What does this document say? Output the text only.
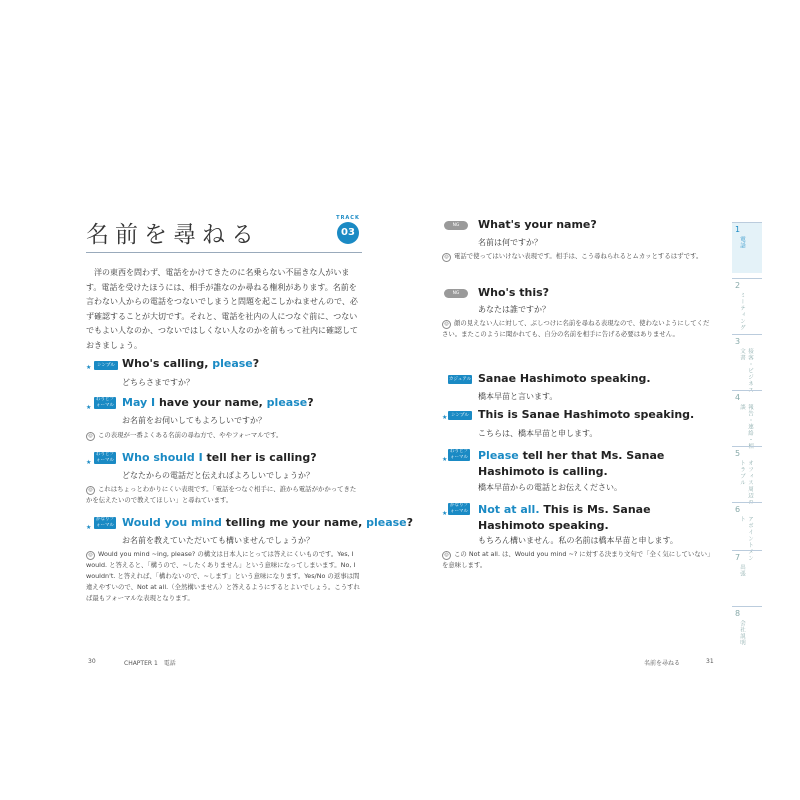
名前を尋ねる
TRACK
03
洋の東西を問わず、電話をかけてきたのに名乗らない不届きな人がいます。電話を受けたほうには、相手が誰なのか尋ねる権利があります。名前を言わない人からの電話をつないでしまうと問題を起こしかねませんので、必ず確認することが大切です。それと、電話を社内の人につなぐ前に、つないでもよい人なのか、つないではしくない人なのかを前もって社内に確認しておきましょう。
★	シンプル Who's calling, please?
どちらさまですか？
★
わりとフォーマル May I have your name, please?
お名前をお伺いしてもよろしいですか？
◎ この表現が一番よくある名前の尋ね方で、ややフォーマルです。
★
わりとフォーマル Who should I tell her is calling?
どなたからの電話だと伝えればよろしいでしょうか？
◎ これはちょっとわかりにくい表現です。「電話をつなぐ相手に、誰から電話がかかってきたかを伝えたいので教えてほしい」と尋ねています。
★
かなりフォーマル Would you mind telling me your name, please?
お名前を教えていただいても構いませんでしょうか？
◎ Would you mind ~ing, please? の構文は日本人にとっては答えにくいものです。Yes, I would. と答えると、「構うので、~したくありません」という意味になってしまいます。No, I wouldn't. と答えれば、「構わないので、~します」という意味になります。Yes/No の返事は間違えやすいので、Not at all.（全然構いません）と答えるようにするとよいでしょう。こうすれば最もフォーマルな表現となります。
30	CHAPTER 1　電話
NG	What's your name?
名前は何ですか？
◎ 電話で使ってはいけない表現です。相手は、こう尋ねられるとムカッとするはずです。
NG	Who's this?
あなたは誰ですか？
◎ 顔の見えない人に対して、ぶしつけに名前を尋ねる表現なので、使わないようにしてください。またこのように聞かれても、自分の名前を相手に告げる必要はありません。
カジュアル Sanae Hashimoto speaking.
橋本早苗と言います。
★ シンプル This is Sanae Hashimoto speaking.
こちらは、橋本早苗と申します。
★
わりとフォーマル Please tell her that Ms. Sanae Hashimoto is calling.
橋本早苗からの電話とお伝えください。
★
かなりフォーマル Not at all. This is Ms. Sanae Hashimoto speaking.
もちろん構いません。私の名前は橋本早苗と申します。
◎ この Not at all. は、Would you mind ~? に対する決まり文句で「全く気にしていない」を意味します。
名前を尋ねる	31
1
電話
2
ミーティング
3
接客・ビジネス文書
4
報告・連絡・相談
5
オフィス周辺のトラブル
6
アポイントメント
7
出張
8
会社説明
